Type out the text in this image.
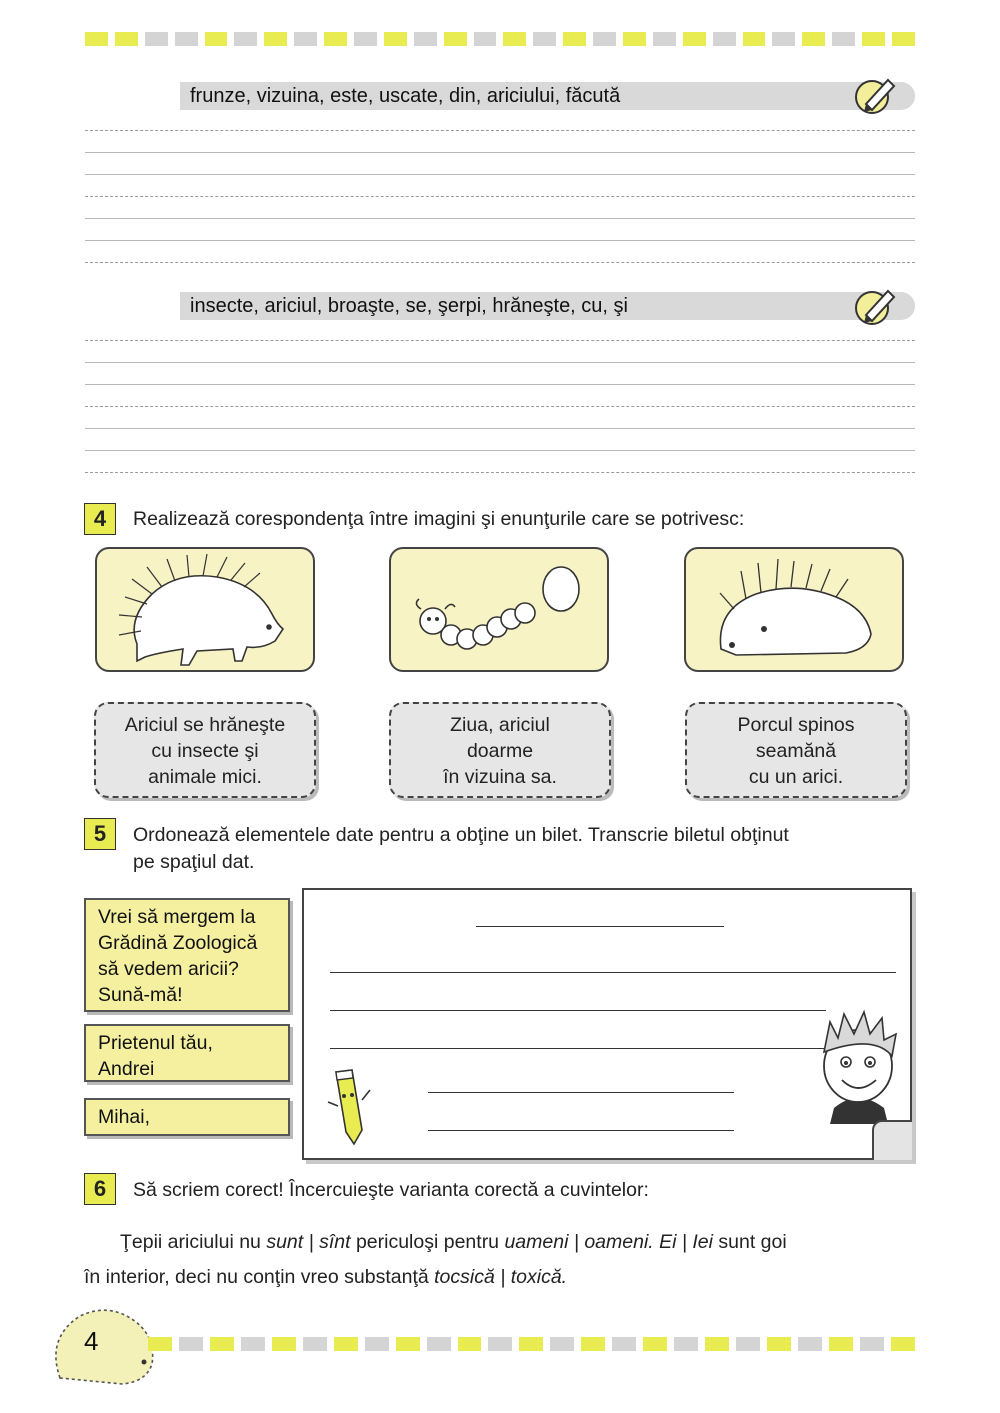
frunze, vizuina, este, uscate, din, ariciului, făcută
insecte, ariciul, broaşte, se, şerpi, hrăneşte, cu, şi
4	Realizează corespondenţa între imagini şi enunţurile care se potrivesc:
Ariciul se hrăneşte
cu insecte şi
animale mici.
Ziua, ariciul
doarme
în vizuina sa.
Porcul spinos
seamănă
cu un arici.
5	Ordonează elementele date pentru a obţine un bilet. Transcrie biletul obţinut
pe spaţiul dat.
Vrei să mergem la
Grădină Zoologică
să vedem aricii?
Sună-mă!
Prietenul tău,
Andrei
Mihai,
6	Să scriem corect! Încercuieşte varianta corectă a cuvintelor:
Ţepii ariciului nu sunt | sînt periculoşi pentru uameni | oameni. Ei | Iei sunt goi
în interior, deci nu conţin vreo substanţă tocsică | toxică.
4
